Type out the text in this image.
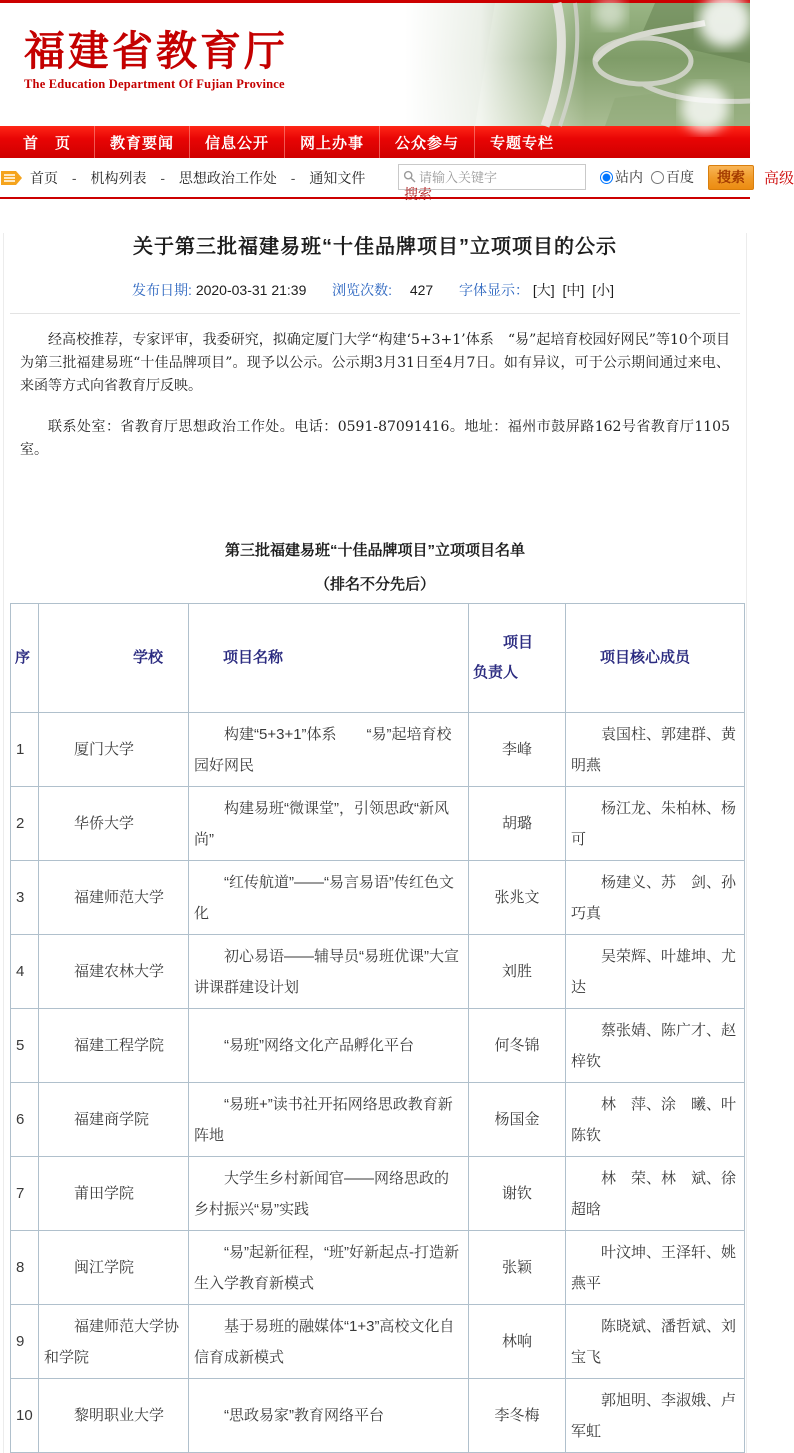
福建省教育厅
The Education Department Of Fujian Province
首　页	教育要闻	信息公开	网上办事	公众参与	专题专栏
首页 - 机构列表 - 思想政治工作处 - 通知文件
请输入关键字	站内 百度	搜索	高级
搜索
关于第三批福建易班“十佳品牌项目”立项项目的公示
发布日期: 2020-03-31 21:39 浏览次数: 427 字体显示： [大] [中] [小]

经高校推荐，专家评审，我委研究，拟确定厦门大学“构建‘5+3+1’体系　“易”起培育校园好网民”等10个项目为第三批福建易班“十佳品牌项目”。现予以公示。公示期3月31日至4月7日。如有异议，可于公示期间通过来电、来函等方式向省教育厅反映。

联系处室：省教育厅思想政治工作处。电话：0591-87091416。地址：福州市鼓屏路162号省教育厅1105室。

第三批福建易班“十佳品牌项目”立项项目名单
（排名不分先后）
序	学校	项目名称	项目　负责人	项目核心成员
1	厦门大学	构建“5+3+1”体系　　“易”起培育校园好网民	李峰	袁国柱、郭建群、黄明燕
2	华侨大学	构建易班“微课堂”，引领思政“新风尚”	胡璐	杨江龙、朱柏林、杨可
3	福建师范大学	“红传航道”——“易言易语”传红色文化	张兆文	杨建义、苏　剑、孙巧真
4	福建农林大学	初心易语——辅导员“易班优课”大宣讲课群建设计划	刘胜	吴荣辉、叶雄坤、尤达
5	福建工程学院	“易班”网络文化产品孵化平台	何冬锦	蔡张婧、陈广才、赵梓钦
6	福建商学院	“易班+”读书社开拓网络思政教育新阵地	杨国金	林　萍、涂　曦、叶陈钦
7	莆田学院	大学生乡村新闻官——网络思政的乡村振兴“易”实践	谢钦	林　荣、林　斌、徐超晗
8	闽江学院	“易”起新征程，“班”好新起点-打造新生入学教育新模式	张颖	叶汶坤、王泽轩、姚燕平
9	福建师范大学协和学院	基于易班的融媒体“1+3”高校文化自信育成新模式	林响	陈晓斌、潘哲斌、刘宝飞
10	黎明职业大学	“思政易家”教育网络平台	李冬梅	郭旭明、李淑娥、卢军虹
